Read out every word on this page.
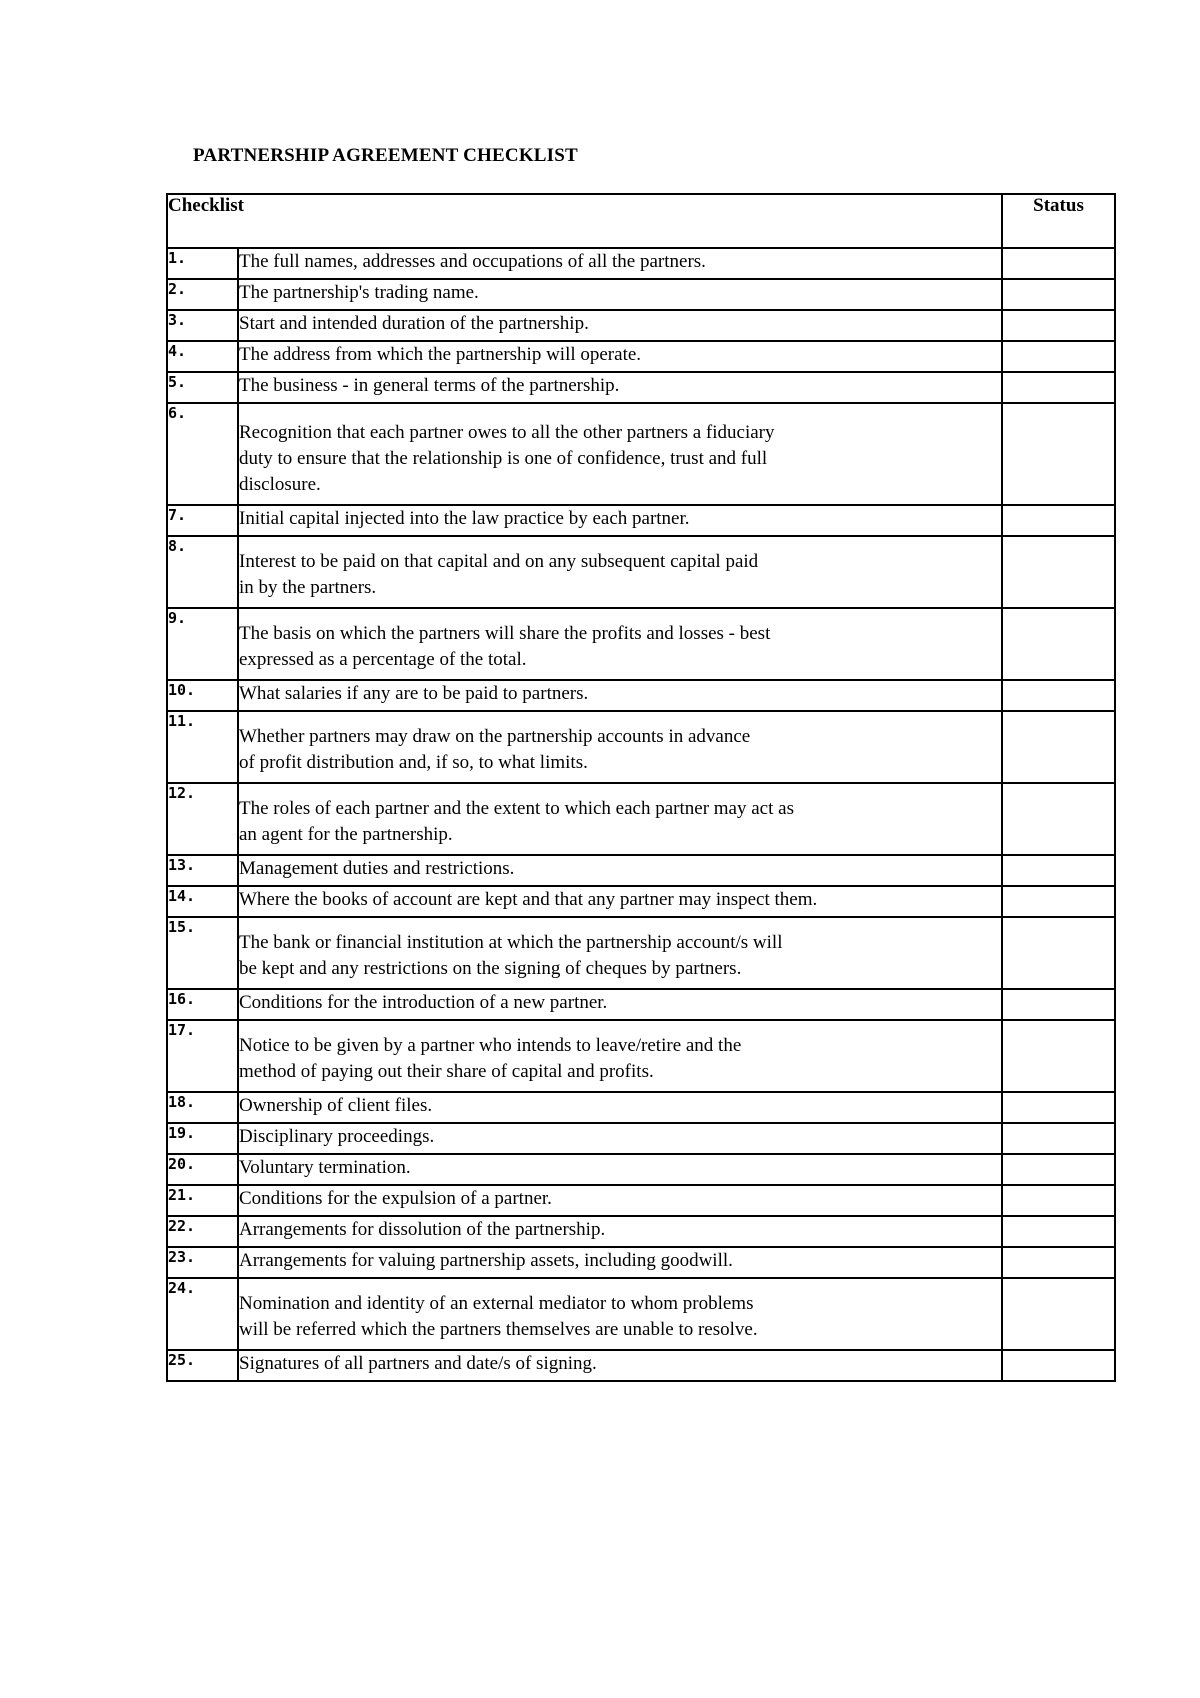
PARTNERSHIP AGREEMENT CHECKLIST
Checklist		Status
1.	The full names, addresses and occupations of all the partners.	
2.	The partnership's trading name.	
3.	Start and intended duration of the partnership.	
4.	The address from which the partnership will operate.	
5.	The business - in general terms of the partnership.	
6.	Recognition that each partner owes to all the other partners a fiduciary
duty to ensure that the relationship is one of confidence, trust and full
disclosure.	

7.	Initial capital injected into the law practice by each partner.	
8.	Interest to be paid on that capital and on any subsequent capital paid
in by the partners.	

9.	The basis on which the partners will share the profits and losses - best
expressed as a percentage of the total.	

10.	What salaries if any are to be paid to partners.	
11.	Whether partners may draw on the partnership accounts in advance
of profit distribution and, if so, to what limits.	

12.	The roles of each partner and the extent to which each partner may act as
an agent for the partnership.	

13.	Management duties and restrictions.	
14.	Where the books of account are kept and that any partner may inspect them.	
15.	The bank or financial institution at which the partnership account/s will
be kept and any restrictions on the signing of cheques by partners.	

16.	Conditions for the introduction of a new partner.	
17.	Notice to be given by a partner who intends to leave/retire and the
method of paying out their share of capital and profits.	

18.	Ownership of client files.	
19.	Disciplinary proceedings.	
20.	Voluntary termination.	
21.	Conditions for the expulsion of a partner.	
22.	Arrangements for dissolution of the partnership.	
23.	Arrangements for valuing partnership assets, including goodwill.	
24.	Nomination and identity of an external mediator to whom problems
will be referred which the partners themselves are unable to resolve.	

25.	Signatures of all partners and date/s of signing.	
